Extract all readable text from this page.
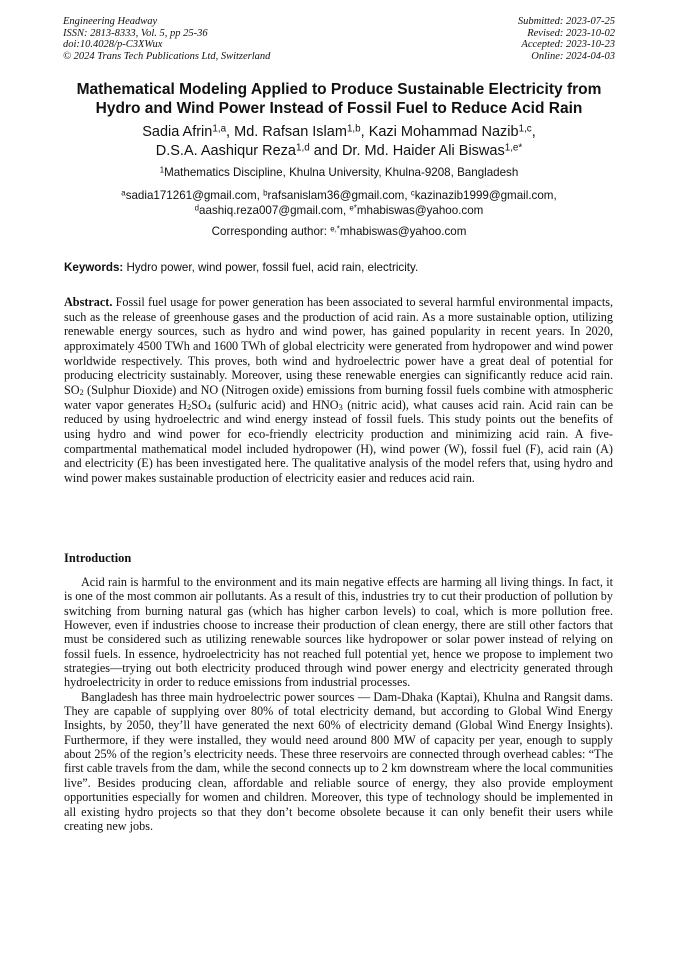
Engineering Headway
ISSN: 2813-8333, Vol. 5, pp 25-36
doi:10.4028/p-C3XWux
© 2024 Trans Tech Publications Ltd, Switzerland
Submitted: 2023-07-25
Revised: 2023-10-02
Accepted: 2023-10-23
Online: 2024-04-03
Mathematical Modeling Applied to Produce Sustainable Electricity from
Hydro and Wind Power Instead of Fossil Fuel to Reduce Acid Rain
Sadia Afrin$^{1,a}$, Md. Rafsan Islam$^{1,b}$, Kazi Mohammad Nazib$^{1,c}$,
D.S.A. Aashiqur Reza$^{1,d}$ and Dr. Md. Haider Ali Biswas$^{1,e*}$
$^1$Mathematics Discipline, Khulna University, Khulna-9208, Bangladesh
$^a$sadia171261@gmail.com, $^b$rafsanislam36@gmail.com, $^c$kazinazib1999@gmail.com,
$^d$aashiq.reza007@gmail.com, $^{e*}$mhabiswas@yahoo.com
Corresponding author: $^{e,*}$mhabiswas@yahoo.com
Keywords: Hydro power, wind power, fossil fuel, acid rain, electricity.
Abstract. Fossil fuel usage for power generation has been associated to several harmful environmental impacts, such as the release of greenhouse gases and the production of acid rain. As a more sustainable option, utilizing renewable energy sources, such as hydro and wind power, has gained popularity in recent years. In 2020, approximately 4500 TWh and 1600 TWh of global electricity were generated from hydropower and wind power worldwide respectively. This proves, both wind and hydroelectric power have a great deal of potential for producing electricity sustainably. Moreover, using these renewable energies can significantly reduce acid rain. $SO_2$ (Sulphur Dioxide) and NO (Nitrogen oxide) emissions from burning fossil fuels combine with atmospheric water vapor generates $H_2SO_4$ (sulfuric acid) and $HNO_3$ (nitric acid), what causes acid rain. Acid rain can be reduced by using hydroelectric and wind energy instead of fossil fuels. This study points out the benefits of using hydro and wind power for eco-friendly electricity production and minimizing acid rain. A five-compartmental mathematical model included hydropower (H), wind power (W), fossil fuel (F), acid rain (A) and electricity (E) has been investigated here. The qualitative analysis of the model refers that, using hydro and wind power makes sustainable production of electricity easier and reduces acid rain.
Introduction

Acid rain is harmful to the environment and its main negative effects are harming all living things. In fact, it is one of the most common air pollutants. As a result of this, industries try to cut their production of pollution by switching from burning natural gas (which has higher carbon levels) to coal, which is more pollution free. However, even if industries choose to increase their production of clean energy, there are still other factors that must be considered such as utilizing renewable sources like hydropower or solar power instead of relying on fossil fuels. In essence, hydroelectricity has not reached full potential yet, hence we propose to implement two strategies—trying out both electricity produced through wind power energy and electricity generated through hydroelectricity in order to reduce emissions from industrial processes.

Bangladesh has three main hydroelectric power sources — Dam-Dhaka (Kaptai), Khulna and Rangsit dams. They are capable of supplying over 80% of total electricity demand, but according to Global Wind Energy Insights, by 2050, they’ll have generated the next 60% of electricity demand (Global Wind Energy Insights). Furthermore, if they were installed, they would need around 800 MW of capacity per year, enough to supply about 25% of the region’s electricity needs. These three reservoirs are connected through overhead cables: “The first cable travels from the dam, while the second connects up to 2 km downstream where the local communities live”. Besides producing clean, affordable and reliable source of energy, they also provide employment opportunities especially for women and children. Moreover, this type of technology should be implemented in all existing hydro projects so that they don’t become obsolete because it can only benefit their users while creating new jobs.
